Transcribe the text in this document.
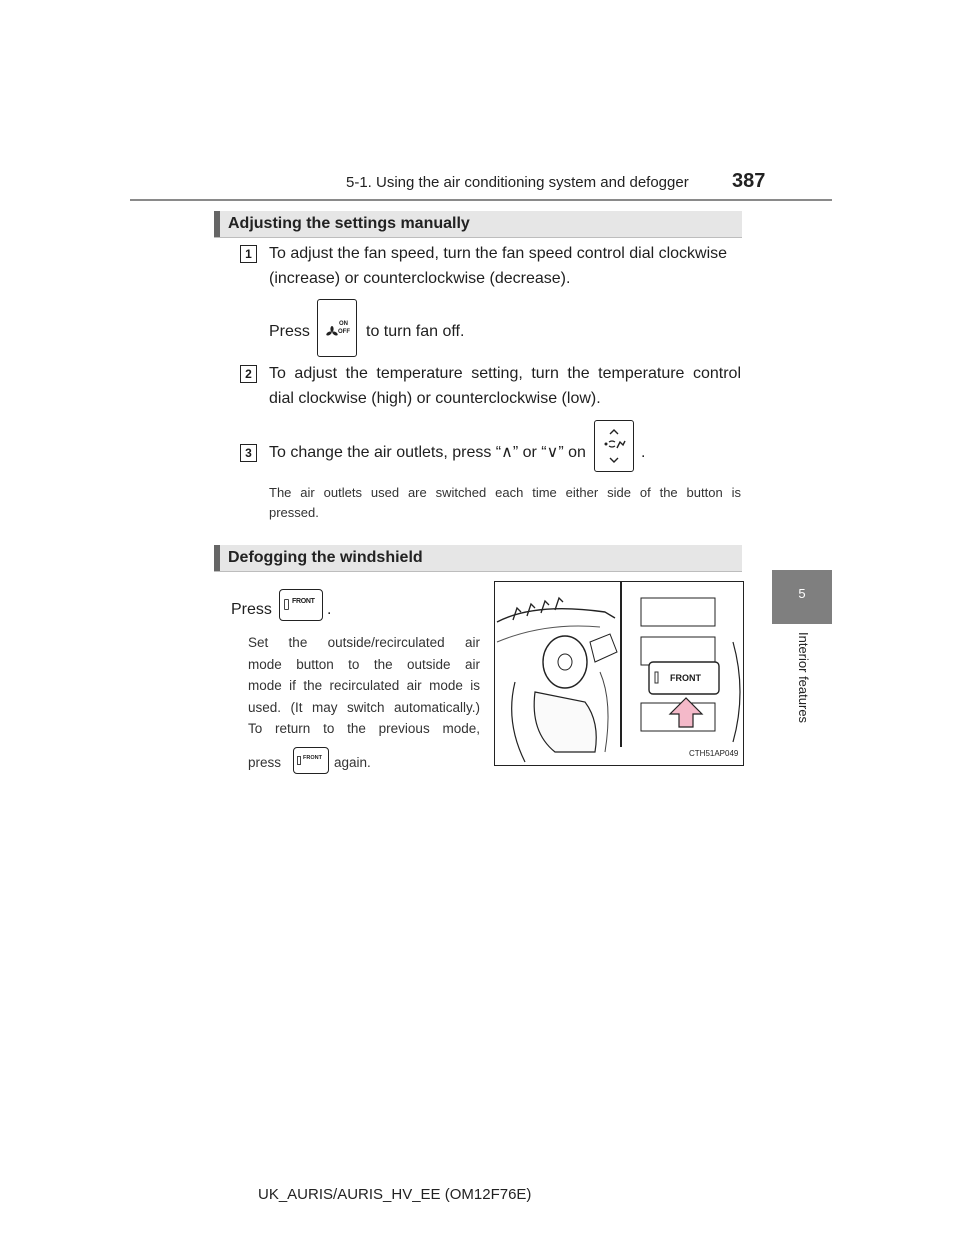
5-1. Using the air conditioning system and defogger 387
5
Interior features
Adjusting the settings manually
1	To adjust the fan speed, turn the fan speed control dial clockwise
(increase) or counterclockwise (decrease).
Press	ON
OFF to turn fan off.
2	To adjust the temperature setting, turn the temperature control
dial clockwise (high) or counterclockwise (low).
3	To change the air outlets, press “∧” or “∨” on	.
The air outlets used are switched each time either side of the button is
pressed.
Defogging the windshield
Press	FRONT .
Set the outside/recirculated air
mode button to the outside air
mode if the recirculated air mode is
used. (It may switch automatically.)
To return to the previous mode,
press	FRONT again.
FRONT
CTH51AP049
UK_AURIS/AURIS_HV_EE (OM12F76E)
